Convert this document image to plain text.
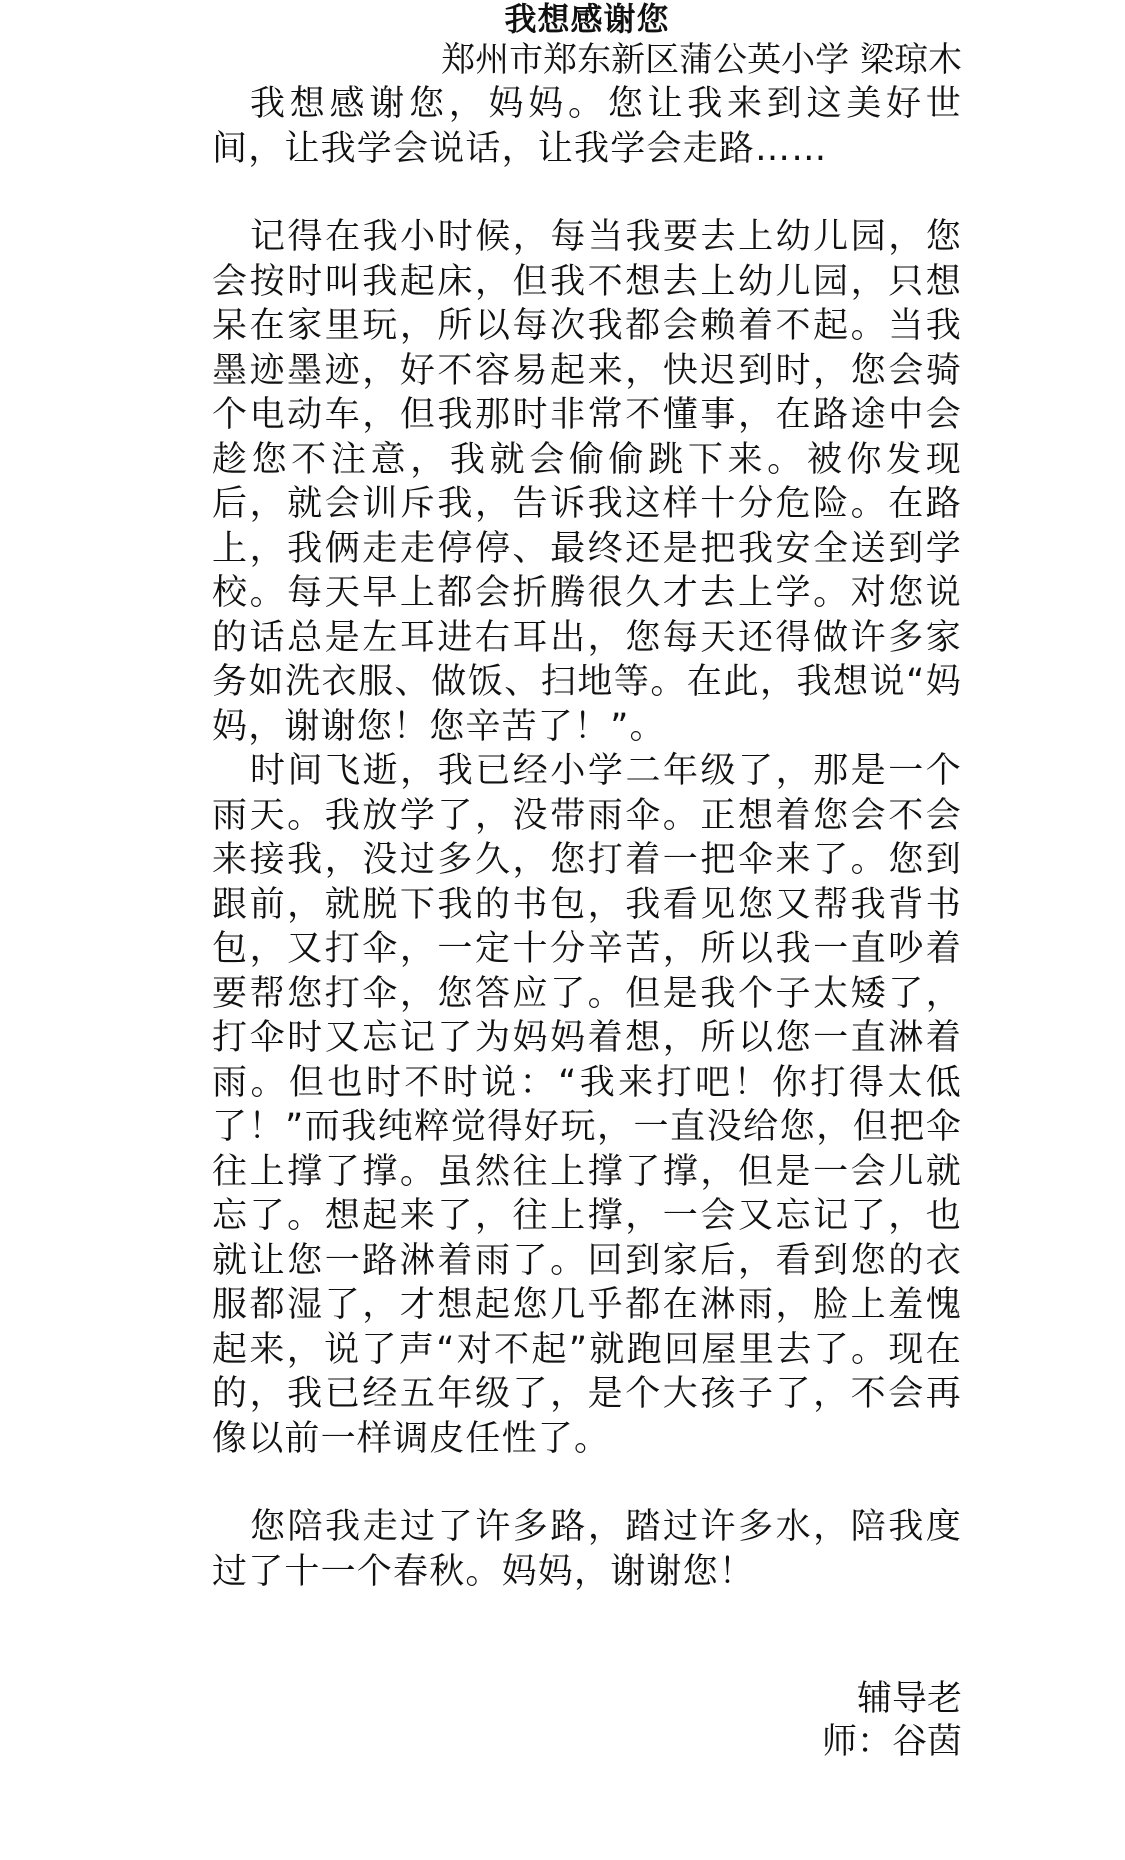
我想感谢您

郑州市郑东新区蒲公英小学 梁琼木

我想感谢您，妈妈。您让我来到这美好世间，让我学会说话，让我学会走路……

记得在我小时候，每当我要去上幼儿园，您会按时叫我起床，但我不想去上幼儿园，只想呆在家里玩，所以每次我都会赖着不起。当我墨迹墨迹，好不容易起来，快迟到时，您会骑个电动车，但我那时非常不懂事，在路途中会趁您不注意，我就会偷偷跳下来。被你发现后，就会训斥我，告诉我这样十分危险。在路上，我俩走走停停、最终还是把我安全送到学校。每天早上都会折腾很久才去上学。对您说的话总是左耳进右耳出，您每天还得做许多家务如洗衣服、做饭、扫地等。在此，我想说“妈妈，谢谢您！您辛苦了！”。

时间飞逝，我已经小学二年级了，那是一个雨天。我放学了，没带雨伞。正想着您会不会来接我，没过多久，您打着一把伞来了。您到跟前，就脱下我的书包，我看见您又帮我背书包，又打伞，一定十分辛苦，所以我一直吵着要帮您打伞，您答应了。但是我个子太矮了，打伞时又忘记了为妈妈着想，所以您一直淋着雨。但也时不时说：“我来打吧！你打得太低了！”而我纯粹觉得好玩，一直没给您，但把伞往上撑了撑。虽然往上撑了撑，但是一会儿就忘了。想起来了，往上撑，一会又忘记了，也就让您一路淋着雨了。回到家后，看到您的衣服都湿了，才想起您几乎都在淋雨，脸上羞愧起来，说了声“对不起”就跑回屋里去了。现在的，我已经五年级了，是个大孩子了，不会再像以前一样调皮任性了。

您陪我走过了许多路，踏过许多水，陪我度过了十一个春秋。妈妈，谢谢您！

辅导老

师：谷茵
